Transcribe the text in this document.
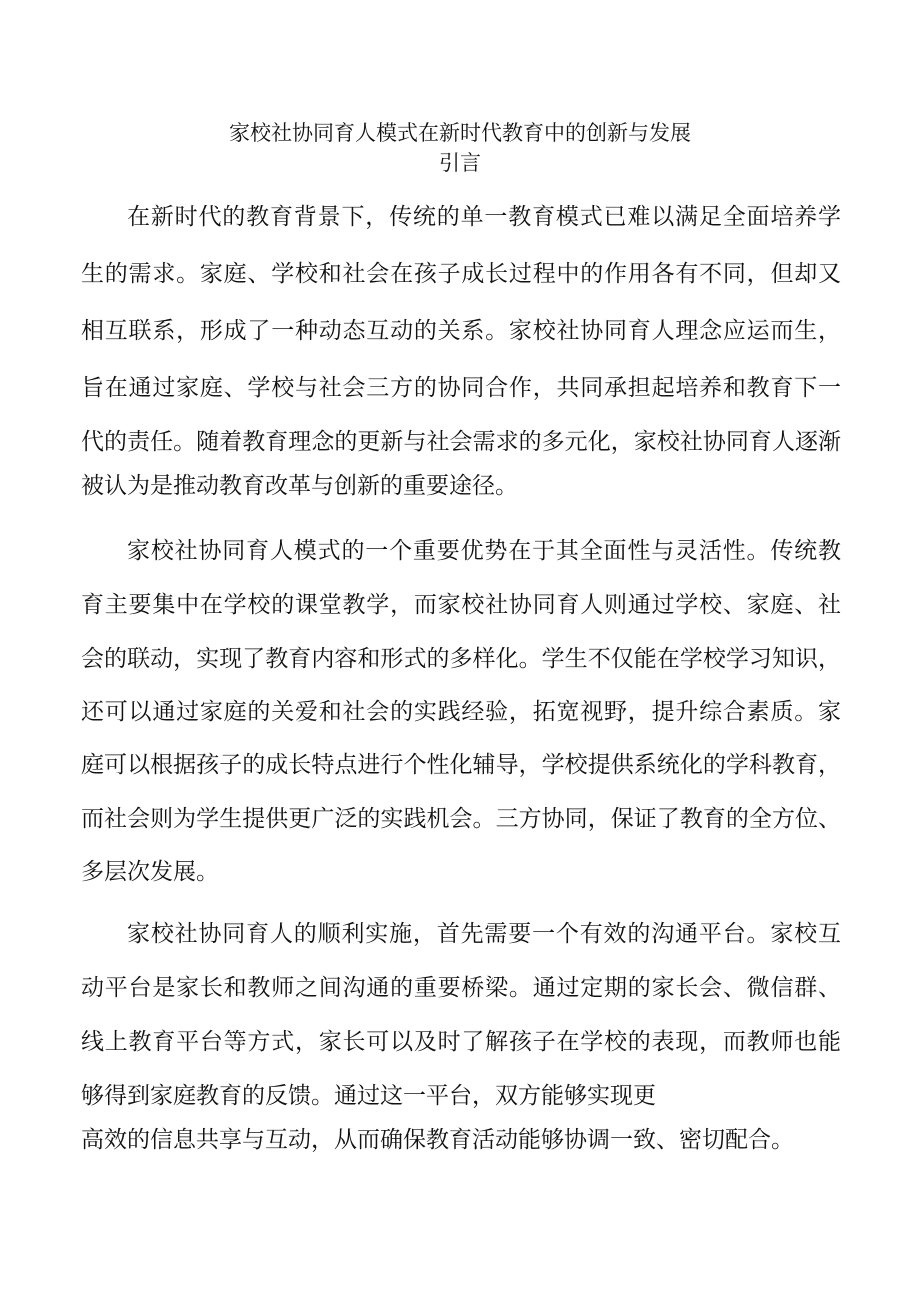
家校社协同育人模式在新时代教育中的创新与发展
引言

在新时代的教育背景下，传统的单一教育模式已难以满足全面培养学

生的需求。家庭、学校和社会在孩子成长过程中的作用各有不同，但却又

相互联系，形成了一种动态互动的关系。家校社协同育人理念应运而生，

旨在通过家庭、学校与社会三方的协同合作，共同承担起培养和教育下一

代的责任。随着教育理念的更新与社会需求的多元化，家校社协同育人逐渐

被认为是推动教育改革与创新的重要途径。

家校社协同育人模式的一个重要优势在于其全面性与灵活性。传统教

育主要集中在学校的课堂教学，而家校社协同育人则通过学校、家庭、社

会的联动，实现了教育内容和形式的多样化。学生不仅能在学校学习知识，

还可以通过家庭的关爱和社会的实践经验，拓宽视野，提升综合素质。家

庭可以根据孩子的成长特点进行个性化辅导，学校提供系统化的学科教育，

而社会则为学生提供更广泛的实践机会。三方协同，保证了教育的全方位、

多层次发展。

家校社协同育人的顺利实施，首先需要一个有效的沟通平台。家校互

动平台是家长和教师之间沟通的重要桥梁。通过定期的家长会、微信群、

线上教育平台等方式，家长可以及时了解孩子在学校的表现，而教师也能

够得到家庭教育的反馈。通过这一平台，双方能够实现更

高效的信息共享与互动，从而确保教育活动能够协调一致、密切配合。
